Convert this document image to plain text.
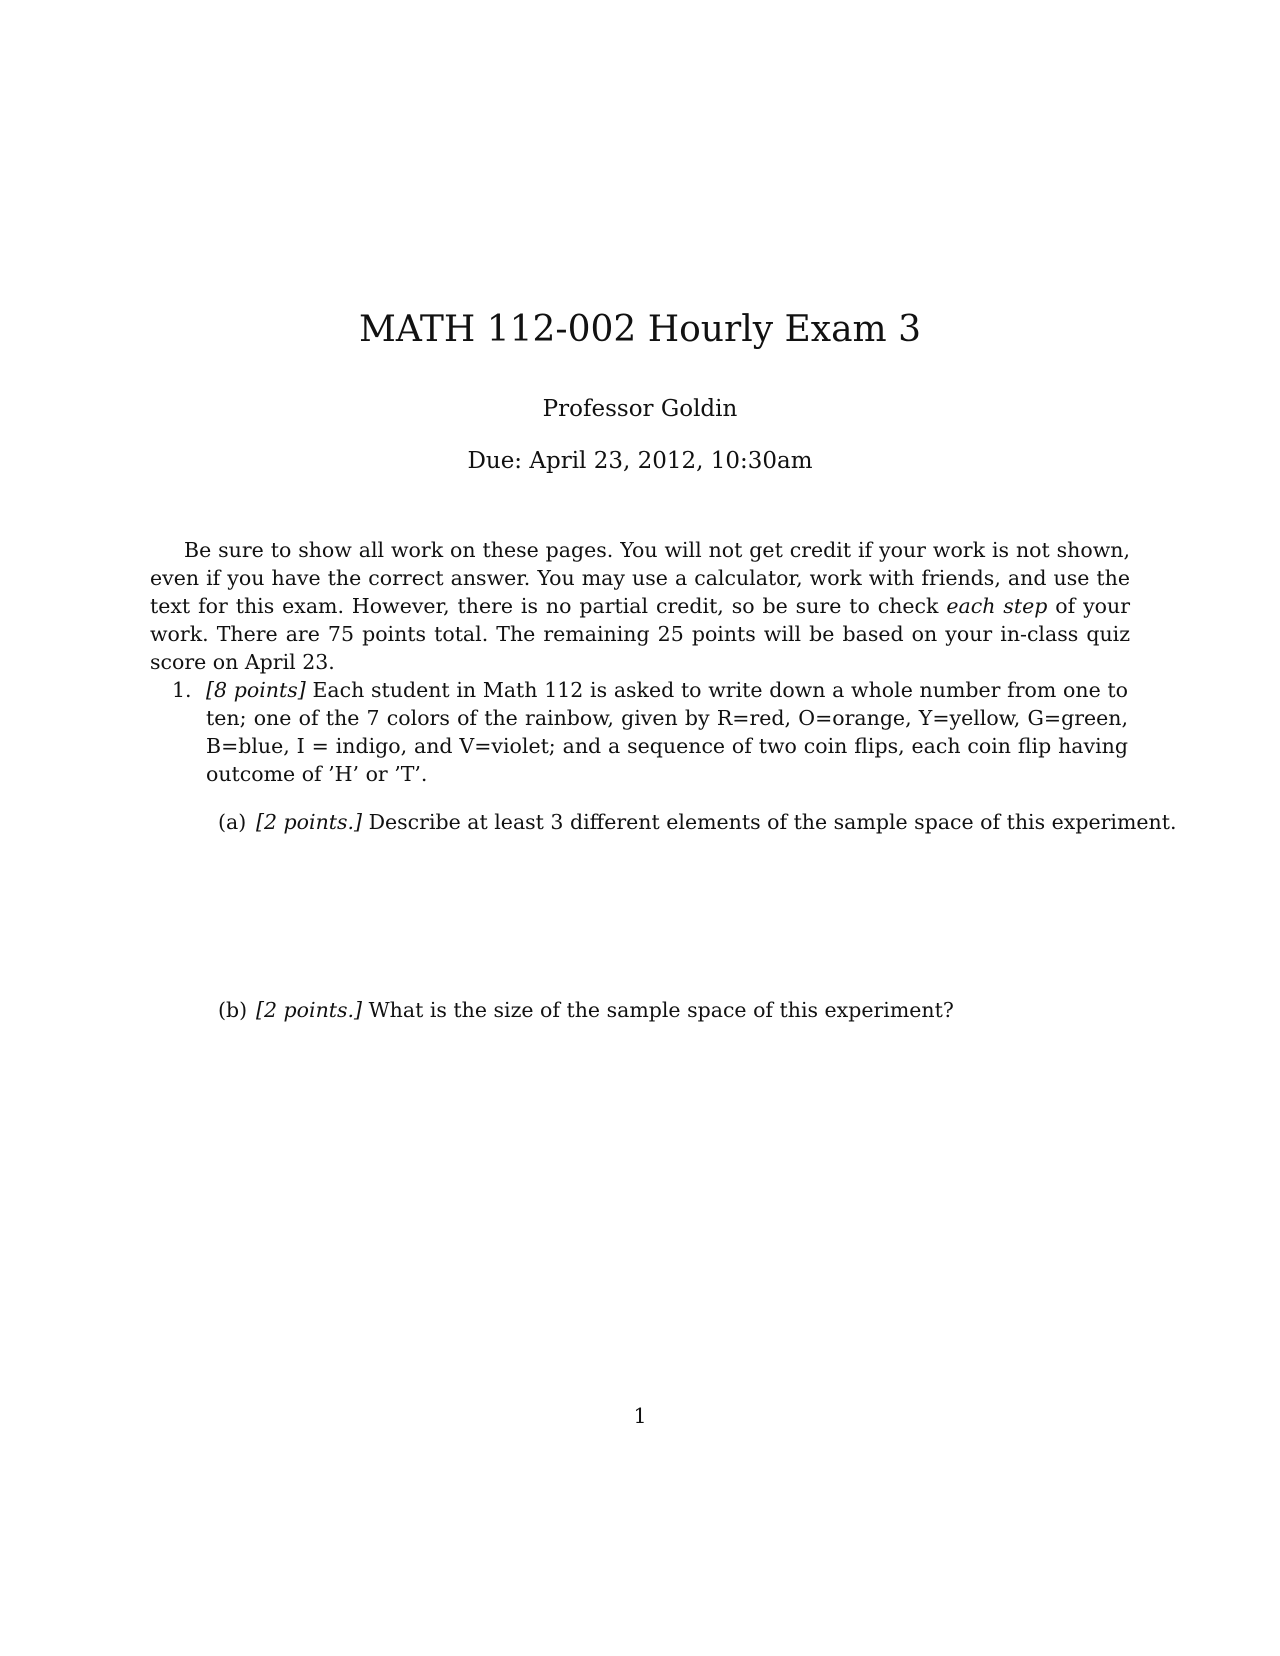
MATH 112-002 Hourly Exam 3
Professor Goldin
Due: April 23, 2012, 10:30am

Be sure to show all work on these pages. You will not get credit if your work is not shown, even if you have the correct answer. You may use a calculator, work with friends, and use the text for this exam. However, there is no partial credit, so be sure to check each step of your work. There are 75 points total. The remaining 25 points will be based on your in-class quiz score on April 23.

1. [8 points] Each student in Math 112 is asked to write down a whole number from one to ten; one of the 7 colors of the rainbow, given by R=red, O=orange, Y=yellow, G=green, B=blue, I = indigo, and V=violet; and a sequence of two coin flips, each coin flip having outcome of ’H’ or ’T’.

(a) [2 points.] Describe at least 3 different elements of the sample space of this experiment.
(b) [2 points.] What is the size of the sample space of this experiment?
1
